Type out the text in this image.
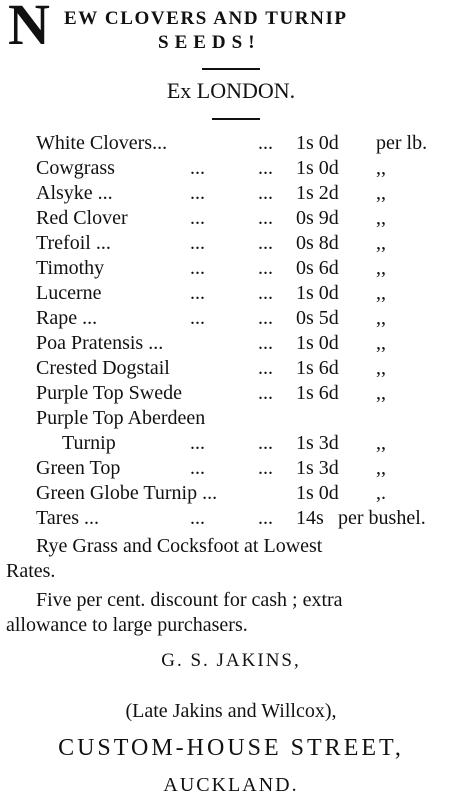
N EW CLOVERS AND TURNIP
SEEDS!
Ex LONDON.
White Clovers...	... 1s 0d per lb.
Cowgrass	...	... 1s 0d ,,
Alsyke ...	...	... 1s 2d ,,
Red Clover	...	... 0s 9d ,,
Trefoil ...	...	... 0s 8d ,,
Timothy	...	... 0s 6d ,,
Lucerne	...	... 1s 0d ,,
Rape ...	...	... 0s 5d ,,
Poa Pratensis ...	... 1s 0d ,,
Crested Dogstail	... 1s 6d ,,
Purple Top Swede	... 1s 6d ,,
Purple Top Aberdeen
Turnip	...	... 1s 3d ,,
Green Top	...	... 1s 3d ,,
Green Globe Turnip ...	1s 0d ,.
Tares ...	...	... 14s per bushel.
Rye Grass and Cocksfoot at Lowest
Rates.
Five per cent. discount for cash ; extra
allowance to large purchasers.
G. S. JAKINS,
(Late Jakins and Willcox),
CUSTOM-HOUSE STREET,
AUCKLAND.
